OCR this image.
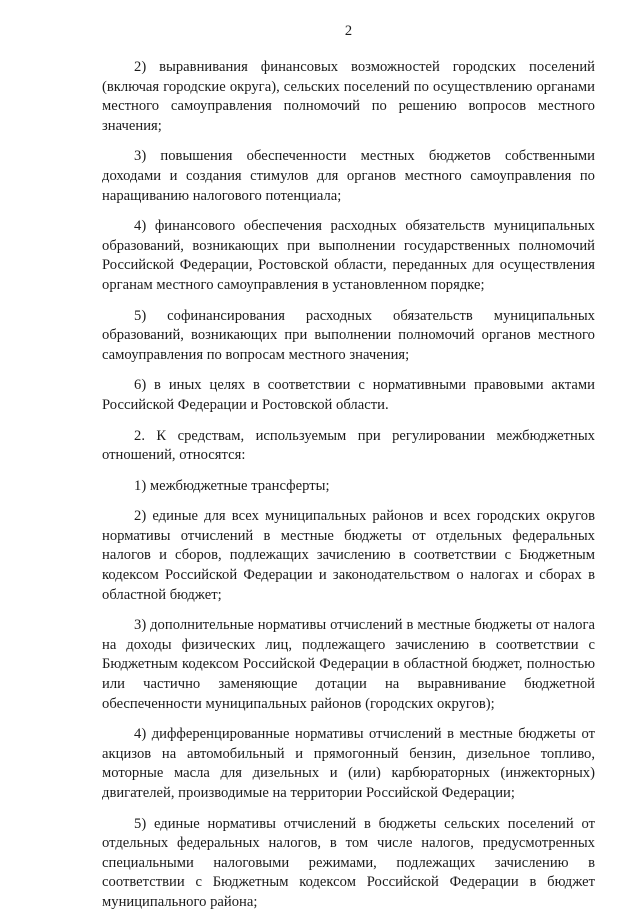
2

2) выравнивания финансовых возможностей городских поселений (включая городские округа), сельских поселений по осуществлению органами местного самоуправления полномочий по решению вопросов местного значения;

3) повышения обеспеченности местных бюджетов собственными доходами и создания стимулов для органов местного самоуправления по наращиванию налогового потенциала;

4) финансового обеспечения расходных обязательств муниципальных образований, возникающих при выполнении государственных полномочий Российской Федерации, Ростовской области, переданных для осуществления органам местного самоуправления в установленном порядке;

5) софинансирования расходных обязательств муниципальных образований, возникающих при выполнении полномочий органов местного самоуправления по вопросам местного значения;

6) в иных целях в соответствии с нормативными правовыми актами Российской Федерации и Ростовской области.

2. К средствам, используемым при регулировании межбюджетных отношений, относятся:

1) межбюджетные трансферты;

2) единые для всех муниципальных районов и всех городских округов нормативы отчислений в местные бюджеты от отдельных федеральных налогов и сборов, подлежащих зачислению в соответствии с Бюджетным кодексом Российской Федерации и законодательством о налогах и сборах в областной бюджет;

3) дополнительные нормативы отчислений в местные бюджеты от налога на доходы физических лиц, подлежащего зачислению в соответствии с Бюджетным кодексом Российской Федерации в областной бюджет, полностью или частично заменяющие дотации на выравнивание бюджетной обеспеченности муниципальных районов (городских округов);

4) дифференцированные нормативы отчислений в местные бюджеты от акцизов на автомобильный и прямогонный бензин, дизельное топливо, моторные масла для дизельных и (или) карбюраторных (инжекторных) двигателей, производимые на территории Российской Федерации;

5) единые нормативы отчислений в бюджеты сельских поселений от отдельных федеральных налогов, в том числе налогов, предусмотренных специальными налоговыми режимами, подлежащих зачислению в соответствии с Бюджетным кодексом Российской Федерации в бюджет муниципального района;
